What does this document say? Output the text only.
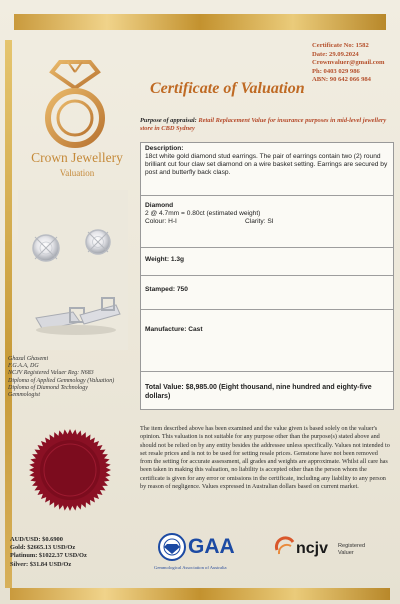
Certificate No: 1582
Date: 29.09.2024
Crownvaluer@gmail.com
Ph: 0403 029 986
ABN: 90 642 066 984
Crown Jewellery
Valuation
Certificate of Valuation
Purpose of appraisal: Retail Replacement Value for insurance purposes in mid-level jewellery store in CBD Sydney
Description:
18ct white gold diamond stud earrings. The pair of earrings contain two (2) round brilliant cut four claw set diamond on a wire basket setting. Earrings are secured by post and butterfly back clasp.
Diamond
2 @ 4.7mm = 0.80ct (estimated weight)
Colour: H-I	Clarity: SI
Weight: 1.3g
Stamped: 750
Manufacture: Cast
Total Value: $8,985.00 (Eight thousand, nine hundred and eighty-five dollars)
Ghazal Ghasemi
F.G.A.A, DG
NCJV Registered Valuer Reg: N683
Diploma of Applied Gemmology (Valuation)
Diploma of Diamond Technology
Gemmologist
The item described above has been examined and the value given is based solely on the valuer's opinion. This valuation is not suitable for any purpose other than the purpose(s) stated above and should not be relied on by any entity besides the addressee unless specifically. Values not intended to set resale prices and is not to be used for setting resale prices. Gemstone have not been removed from the setting for accurate assessment, all grades and weights are approximate. Whilst all care has been taken in making this valuation, no liability is accepted other than the person whom the certificate is given for any error or omissions in the certificate, including any liability to any person by reason of negligence. Values expressed in Australian dollars based on current market.
AUD/USD: $0.6900
Gold: $2665.13 USD/Oz
Platinum: $1022.37 USD/Oz
Silver: $31.84 USD/Oz
GAA
Gemmological Association of Australia
ncjv Registered
Valuer
